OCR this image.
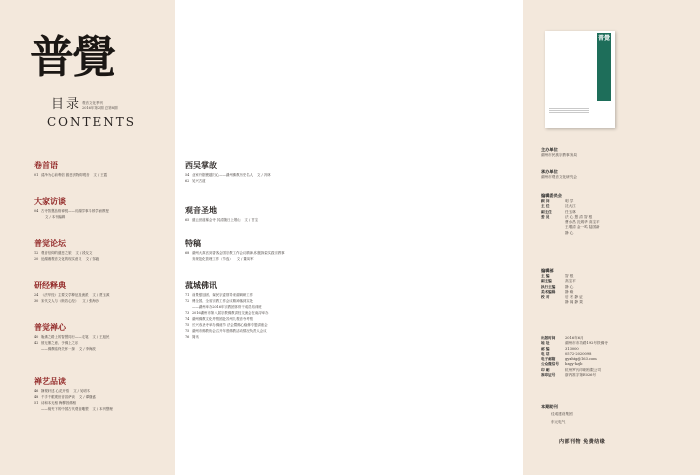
普覺
目录 观音文化季刊
2016年第2期 总第8期
CONTENTS
卷首语
01 清净为心前利信 慈悲济物即观音 文 / 王霞
大家访谈
04 古寺智慧品格禅悦——访湖学事斗顿学而教授
文 / 本刊编辑
普觉论坛
12 观音信仰的慈悲之旅 文 / 段友文
20 论湖湘观音文化的现实意义 文 / 邹毅
研经释典
24 《法华经》主要文学释征及流派 文 / 贾玉源
30 宋代文人与《般若心经》 文 / 张海沙
普觉禅心
40 皈佛之路上的智慧同行——走笔 文 / 王旭民
42 彼无墨之意、予佛上之乐
——佛教临终关怀一探 文 / 李海波
禅艺品读
46 静观轩述 心花开悟 文 / 吴明木
48 千手千眼观世音菩萨谈 文 / 谭继盛
51 诗和本无相 梅柳因佛相
——镜夹下的中国古代观音雕塑 文 / 本刊整理
西吴掌故
54 业家升据俊越归心——湖州佛教历史名人 文 / 冯林
62 吴兴古道
观音圣地
65 慈云世道稀会寺 其清随日上烟山 文 / 甘宝
特稿
68 湖州大真宫到香客会国宗教工作会议精神,积极探索实践宗教事
务规范化管理工作（节选） 文 / 董凤军
菰城佛讯
71 前景强加固、谋民宗委领导来湖调研工作
72 傅全国、全省宗教工作会议精神落到实处
——湖州举办2016年宗教团体骨干成员培训班
73 2016湖州市第八届宗教佛教讲经交流会在南浔举办
74 湖州佛教文化考察团赴苏州九观音寺考察
75 长兴寿圣寺举办佛诞节 法会暨佛心稳修专题讲座会
75 湖州市佛教协会召开年度佛教活动情况负责人会议
76 简讯
普覺
主办单位
湖州市民族宗教事务局
承办单位
湖州市观音文化研究会
编辑委员会
顾 问	明 学
主 任	沈大江
副主任	任玉林
委 员	法 心 慧 清 智 根
曹水昌 沈炳华 高宝平
王增清 金一鸣 陆国新
静 心
编辑部
主 编	智 根
副主编	高宝平
执行主编	静 心
美术编辑	静 缘
校 对	后 冬 静 证
静 闻 静 果
出版时间	2016年6月
地 址	湖州市市功路192号铁佛寺
邮 编	313000
电 话	0572-2020098
电子邮箱	gyxhtg@163.com
公众微信号 hzgy-hzjb
印 刷	杭州罗氏印刷有限公司
准印证号	浙内准字第E026号
本期助刊
佳成建设集团
东元电气
内部刊物 免费结缘
